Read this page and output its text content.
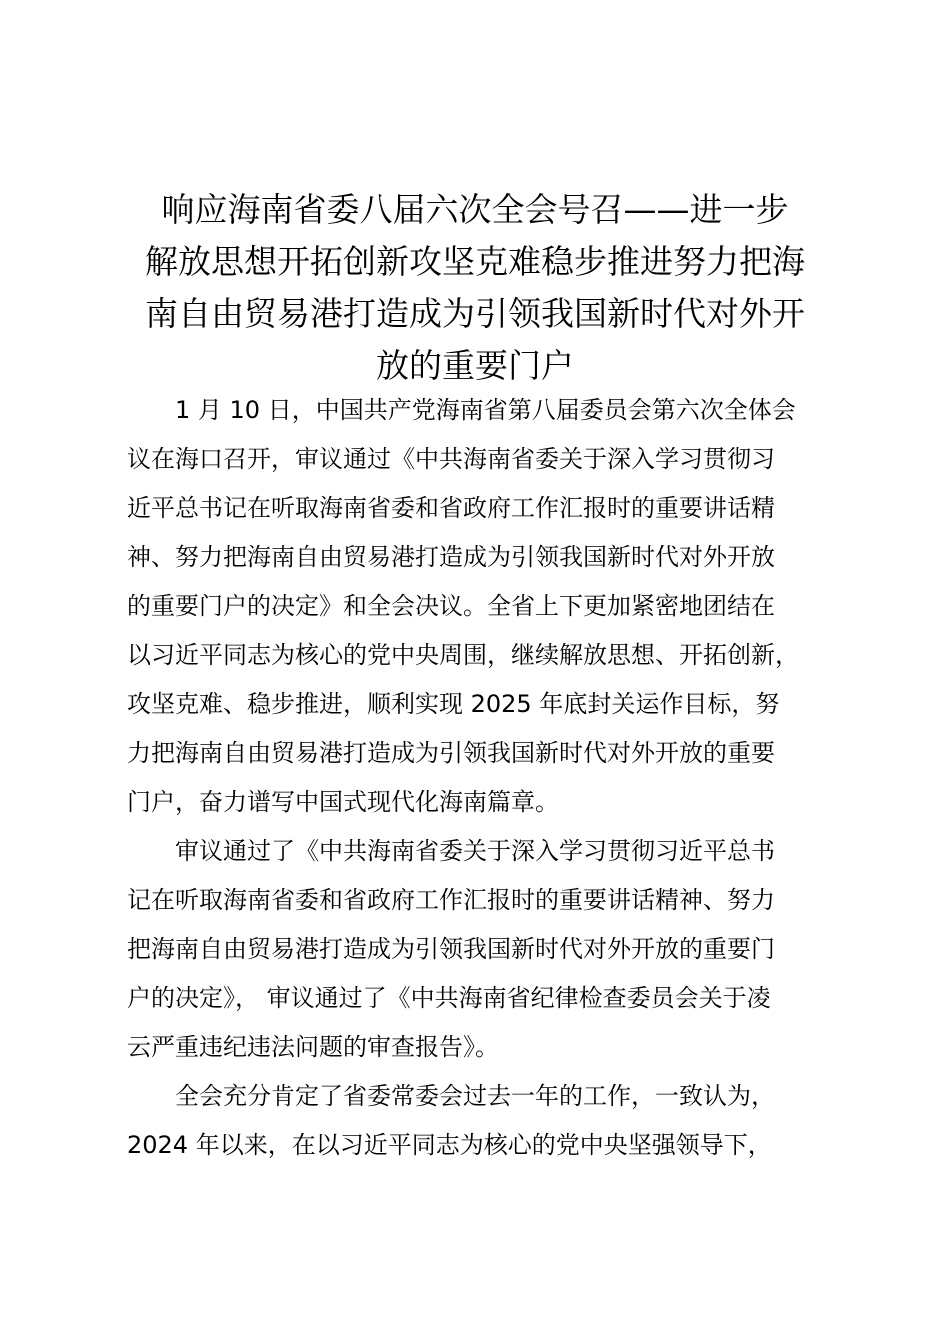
响应海南省委八届六次全会号召——进一步
解放思想开拓创新攻坚克难稳步推进努力把海
南自由贸易港打造成为引领我国新时代对外开
放的重要门户

　　1 月 10 日，中国共产党海南省第八届委员会第六次全体会
议在海口召开，审议通过《中共海南省委关于深入学习贯彻习
近平总书记在听取海南省委和省政府工作汇报时的重要讲话精
神、努力把海南自由贸易港打造成为引领我国新时代对外开放
的重要门户的决定》和全会决议。全省上下更加紧密地团结在
以习近平同志为核心的党中央周围，继续解放思想、开拓创新，
攻坚克难、稳步推进，顺利实现 2025 年底封关运作目标，努
力把海南自由贸易港打造成为引领我国新时代对外开放的重要
门户，奋力谱写中国式现代化海南篇章。

　　审议通过了《中共海南省委关于深入学习贯彻习近平总书
记在听取海南省委和省政府工作汇报时的重要讲话精神、努力
把海南自由贸易港打造成为引领我国新时代对外开放的重要门
户的决定》， 审议通过了《中共海南省纪律检查委员会关于凌
云严重违纪违法问题的审查报告》。

　　全会充分肯定了省委常委会过去一年的工作，一致认为，
2024 年以来，在以习近平同志为核心的党中央坚强领导下，
